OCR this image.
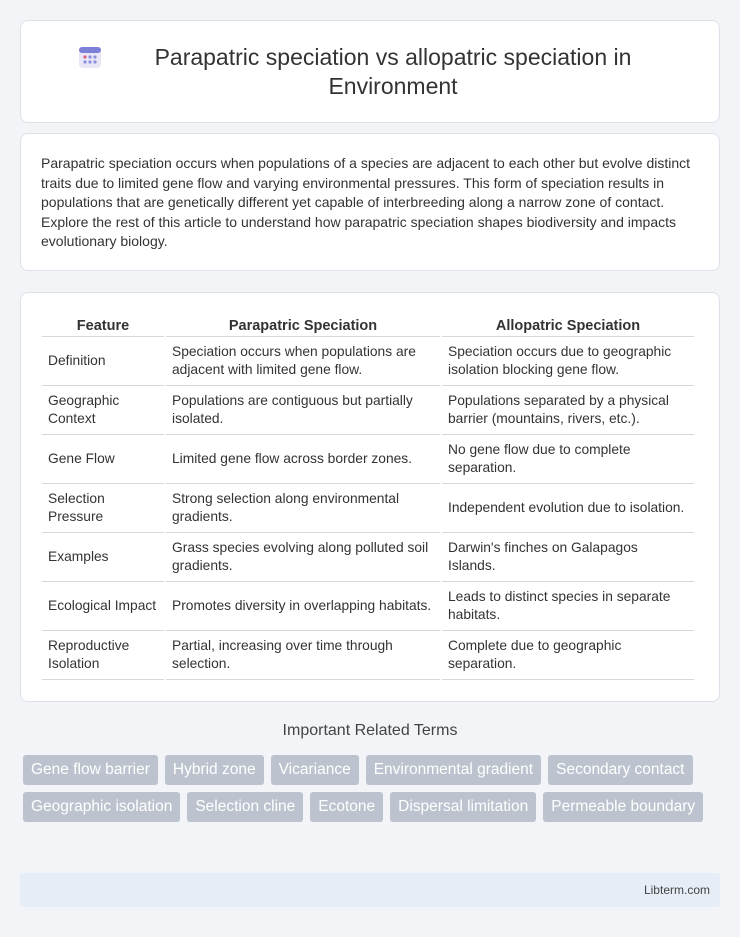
Parapatric speciation vs allopatric speciation in Environment

Parapatric speciation occurs when populations of a species are adjacent to each other but evolve distinct traits due to limited gene flow and varying environmental pressures. This form of speciation results in populations that are genetically different yet capable of interbreeding along a narrow zone of contact. Explore the rest of this article to understand how parapatric speciation shapes biodiversity and impacts evolutionary biology.

Feature	Parapatric Speciation	Allopatric Speciation
Definition	Speciation occurs when populations are adjacent with limited gene flow.	Speciation occurs due to geographic isolation blocking gene flow.
Geographic Context	Populations are contiguous but partially isolated.	Populations separated by a physical barrier (mountains, rivers, etc.).
Gene Flow	Limited gene flow across border zones.	No gene flow due to complete separation.
Selection Pressure	Strong selection along environmental gradients.	Independent evolution due to isolation.
Examples	Grass species evolving along polluted soil gradients.	Darwin's finches on Galapagos Islands.
Ecological Impact	Promotes diversity in overlapping habitats.	Leads to distinct species in separate habitats.
Reproductive Isolation	Partial, increasing over time through selection.	Complete due to geographic separation.
Important Related Terms
Gene flow barrier	Hybrid zone	Vicariance	Environmental gradient	Secondary contact
Geographic isolation	Selection cline	Ecotone	Dispersal limitation	Permeable boundary
Libterm.com
